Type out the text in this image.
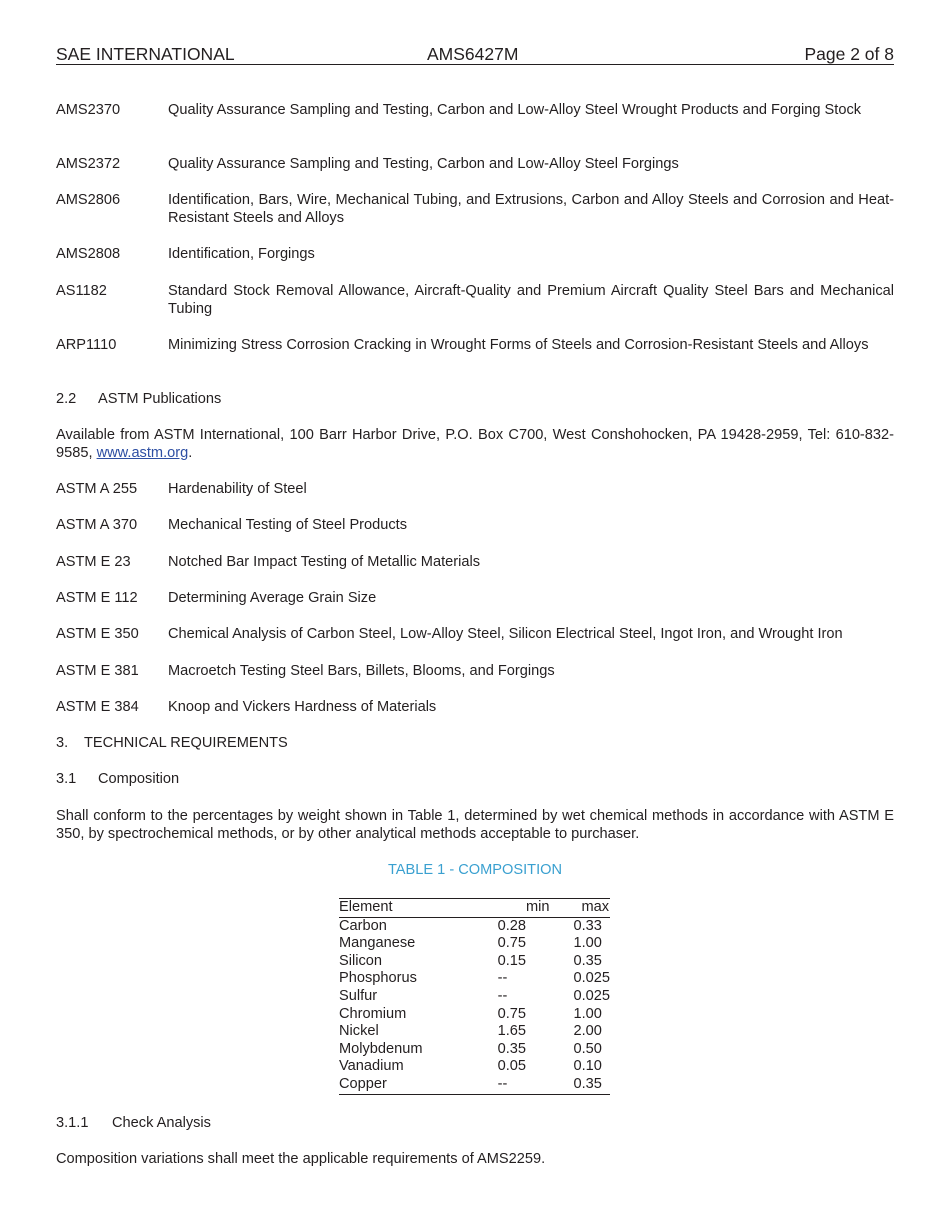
SAE INTERNATIONAL	AMS6427M	Page 2 of 8
AMS2370	Quality Assurance Sampling and Testing, Carbon and Low-Alloy Steel Wrought Products and Forging Stock
AMS2372	Quality Assurance Sampling and Testing, Carbon and Low-Alloy Steel Forgings
AMS2806	Identification, Bars, Wire, Mechanical Tubing, and Extrusions, Carbon and Alloy Steels and Corrosion and Heat-Resistant Steels and Alloys
AMS2808	Identification, Forgings
AS1182	Standard Stock Removal Allowance, Aircraft-Quality and Premium Aircraft Quality Steel Bars and Mechanical Tubing
ARP1110	Minimizing Stress Corrosion Cracking in Wrought Forms of Steels and Corrosion-Resistant Steels and Alloys
2.2 ASTM Publications
Available from ASTM International, 100 Barr Harbor Drive, P.O. Box C700, West Conshohocken, PA 19428-2959, Tel: 610-832-9585, www.astm.org.
ASTM A 255 Hardenability of Steel
ASTM A 370 Mechanical Testing of Steel Products
ASTM E 23	Notched Bar Impact Testing of Metallic Materials
ASTM E 112 Determining Average Grain Size
ASTM E 350 Chemical Analysis of Carbon Steel, Low-Alloy Steel, Silicon Electrical Steel, Ingot Iron, and Wrought Iron
ASTM E 381 Macroetch Testing Steel Bars, Billets, Blooms, and Forgings
ASTM E 384 Knoop and Vickers Hardness of Materials
3. TECHNICAL REQUIREMENTS
3.1 Composition
Shall conform to the percentages by weight shown in Table 1, determined by wet chemical methods in accordance with ASTM E 350, by spectrochemical methods, or by other analytical methods acceptable to purchaser.
TABLE 1 - COMPOSITION
Element	min	max
Carbon	0.28	0.33
Manganese	0.75	1.00
Silicon	0.15	0.35
Phosphorus	--	0.025
Sulfur	--	0.025
Chromium	0.75	1.00
Nickel	1.65	2.00
Molybdenum	0.35	0.50
Vanadium	0.05	0.10
Copper	--	0.35
3.1.1 Check Analysis
Composition variations shall meet the applicable requirements of AMS2259.
